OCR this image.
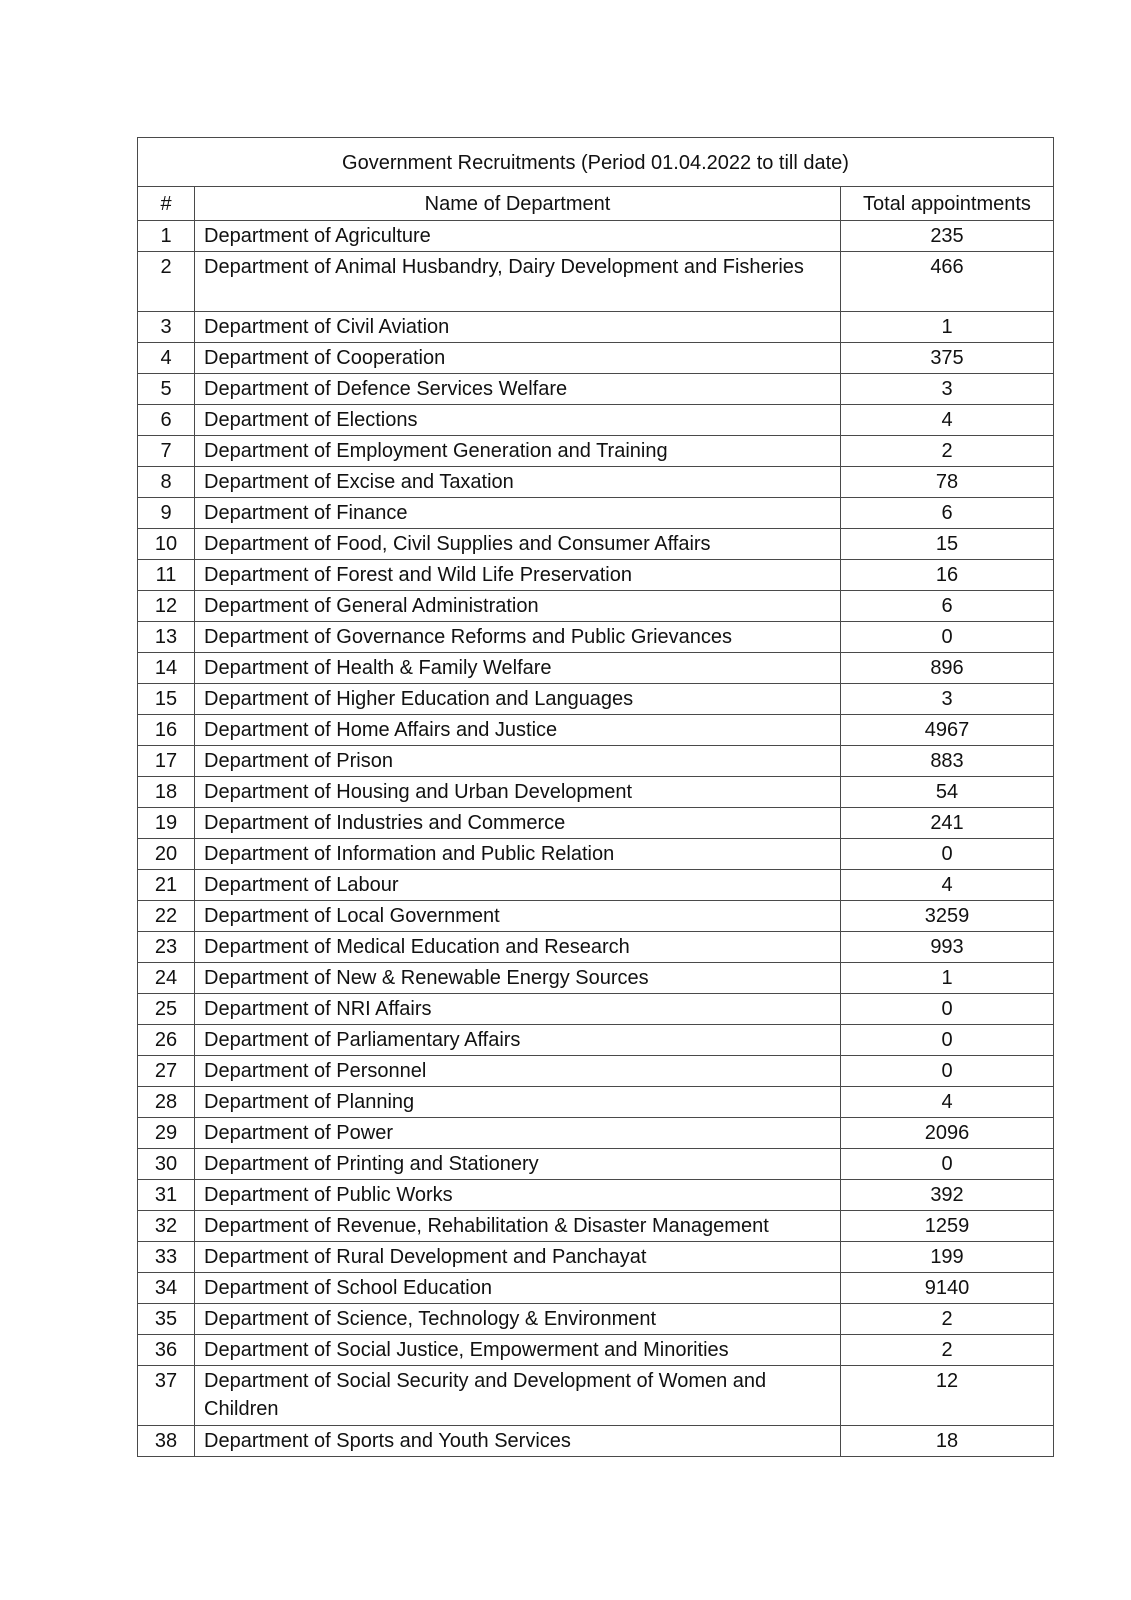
Government Recruitments (Period 01.04.2022 to till date)		
#	Name of Department	Total appointments
1	Department of Agriculture	235
2	Department of Animal Husbandry, Dairy Development and Fisheries	466
3	Department of Civil Aviation	1
4	Department of Cooperation	375
5	Department of Defence Services Welfare	3
6	Department of Elections	4
7	Department of Employment Generation and Training	2
8	Department of Excise and Taxation	78
9	Department of Finance	6
10	Department of Food, Civil Supplies and Consumer Affairs	15
11	Department of Forest and Wild Life Preservation	16
12	Department of General Administration	6
13	Department of Governance Reforms and Public Grievances	0
14	Department of Health & Family Welfare	896
15	Department of Higher Education and Languages	3
16	Department of Home Affairs and Justice	4967
17	Department of Prison	883
18	Department of Housing and Urban Development	54
19	Department of Industries and Commerce	241
20	Department of Information and Public Relation	0
21	Department of Labour	4
22	Department of Local Government	3259
23	Department of Medical Education and Research	993
24	Department of New & Renewable Energy Sources	1
25	Department of NRI Affairs	0
26	Department of Parliamentary Affairs	0
27	Department of Personnel	0
28	Department of Planning	4
29	Department of Power	2096
30	Department of Printing and Stationery	0
31	Department of Public Works	392
32	Department of Revenue, Rehabilitation & Disaster Management	1259
33	Department of Rural Development and Panchayat	199
34	Department of School Education	9140
35	Department of Science, Technology & Environment	2
36	Department of Social Justice, Empowerment and Minorities	2
37	Department of Social Security and Development of Women and Children	12
38	Department of Sports and Youth Services	18
